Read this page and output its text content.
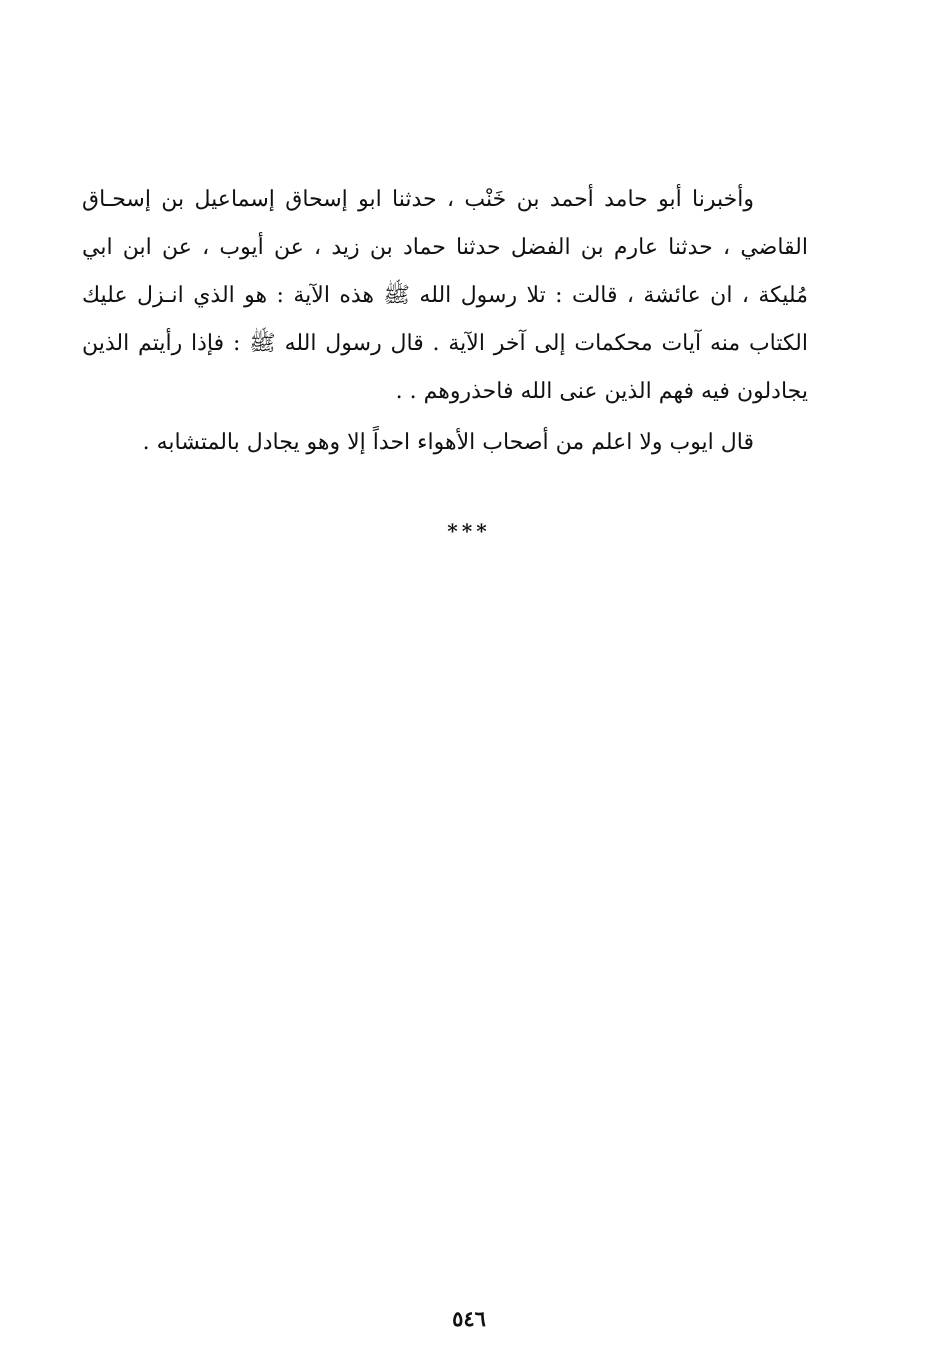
وأخبرنا أبو حامد أحمد بن خَنْب ، حدثنا ابو إسحاق إسماعيل بن إسحـاق
القاضي ، حدثنا عارم بن الفضل حدثنا حماد بن زيد ، عن أيوب ، عن ابن ابي
مُليكة ، ان عائشة ، قالت : تلا رسول الله ﷺ هذه الآية : هو الذي انـزل عليك
الكتاب منه آيات محكمات إلى آخر الآية . قال رسول الله ﷺ : فإذا رأيتم الذين
يجادلون فيه فهم الذين عنى الله فاحذروهم . .
قال ايوب ولا اعلم من أصحاب الأهواء احداً إلا وهو يجادل بالمتشابه .
***
٥٤٦
